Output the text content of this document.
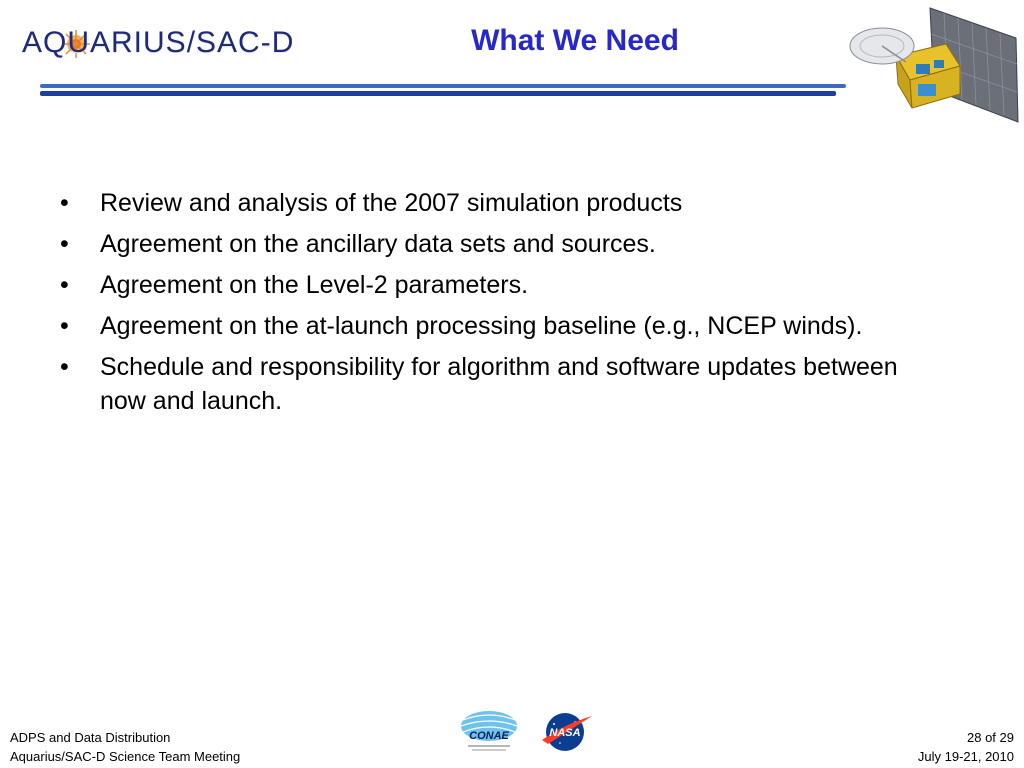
AQUARIUS/SAC-D	What We Need
• Review and analysis of the 2007 simulation products
• Agreement on the ancillary data sets and sources.
• Agreement on the Level-2 parameters.
• Agreement on the at-launch processing baseline (e.g., NCEP winds).
• Schedule and responsibility for algorithm and software updates between now and launch.
ADPS and Data Distribution
Aquarius/SAC-D Science Team Meeting
CONAE	NASA	28 of 29
July 19-21, 2010
